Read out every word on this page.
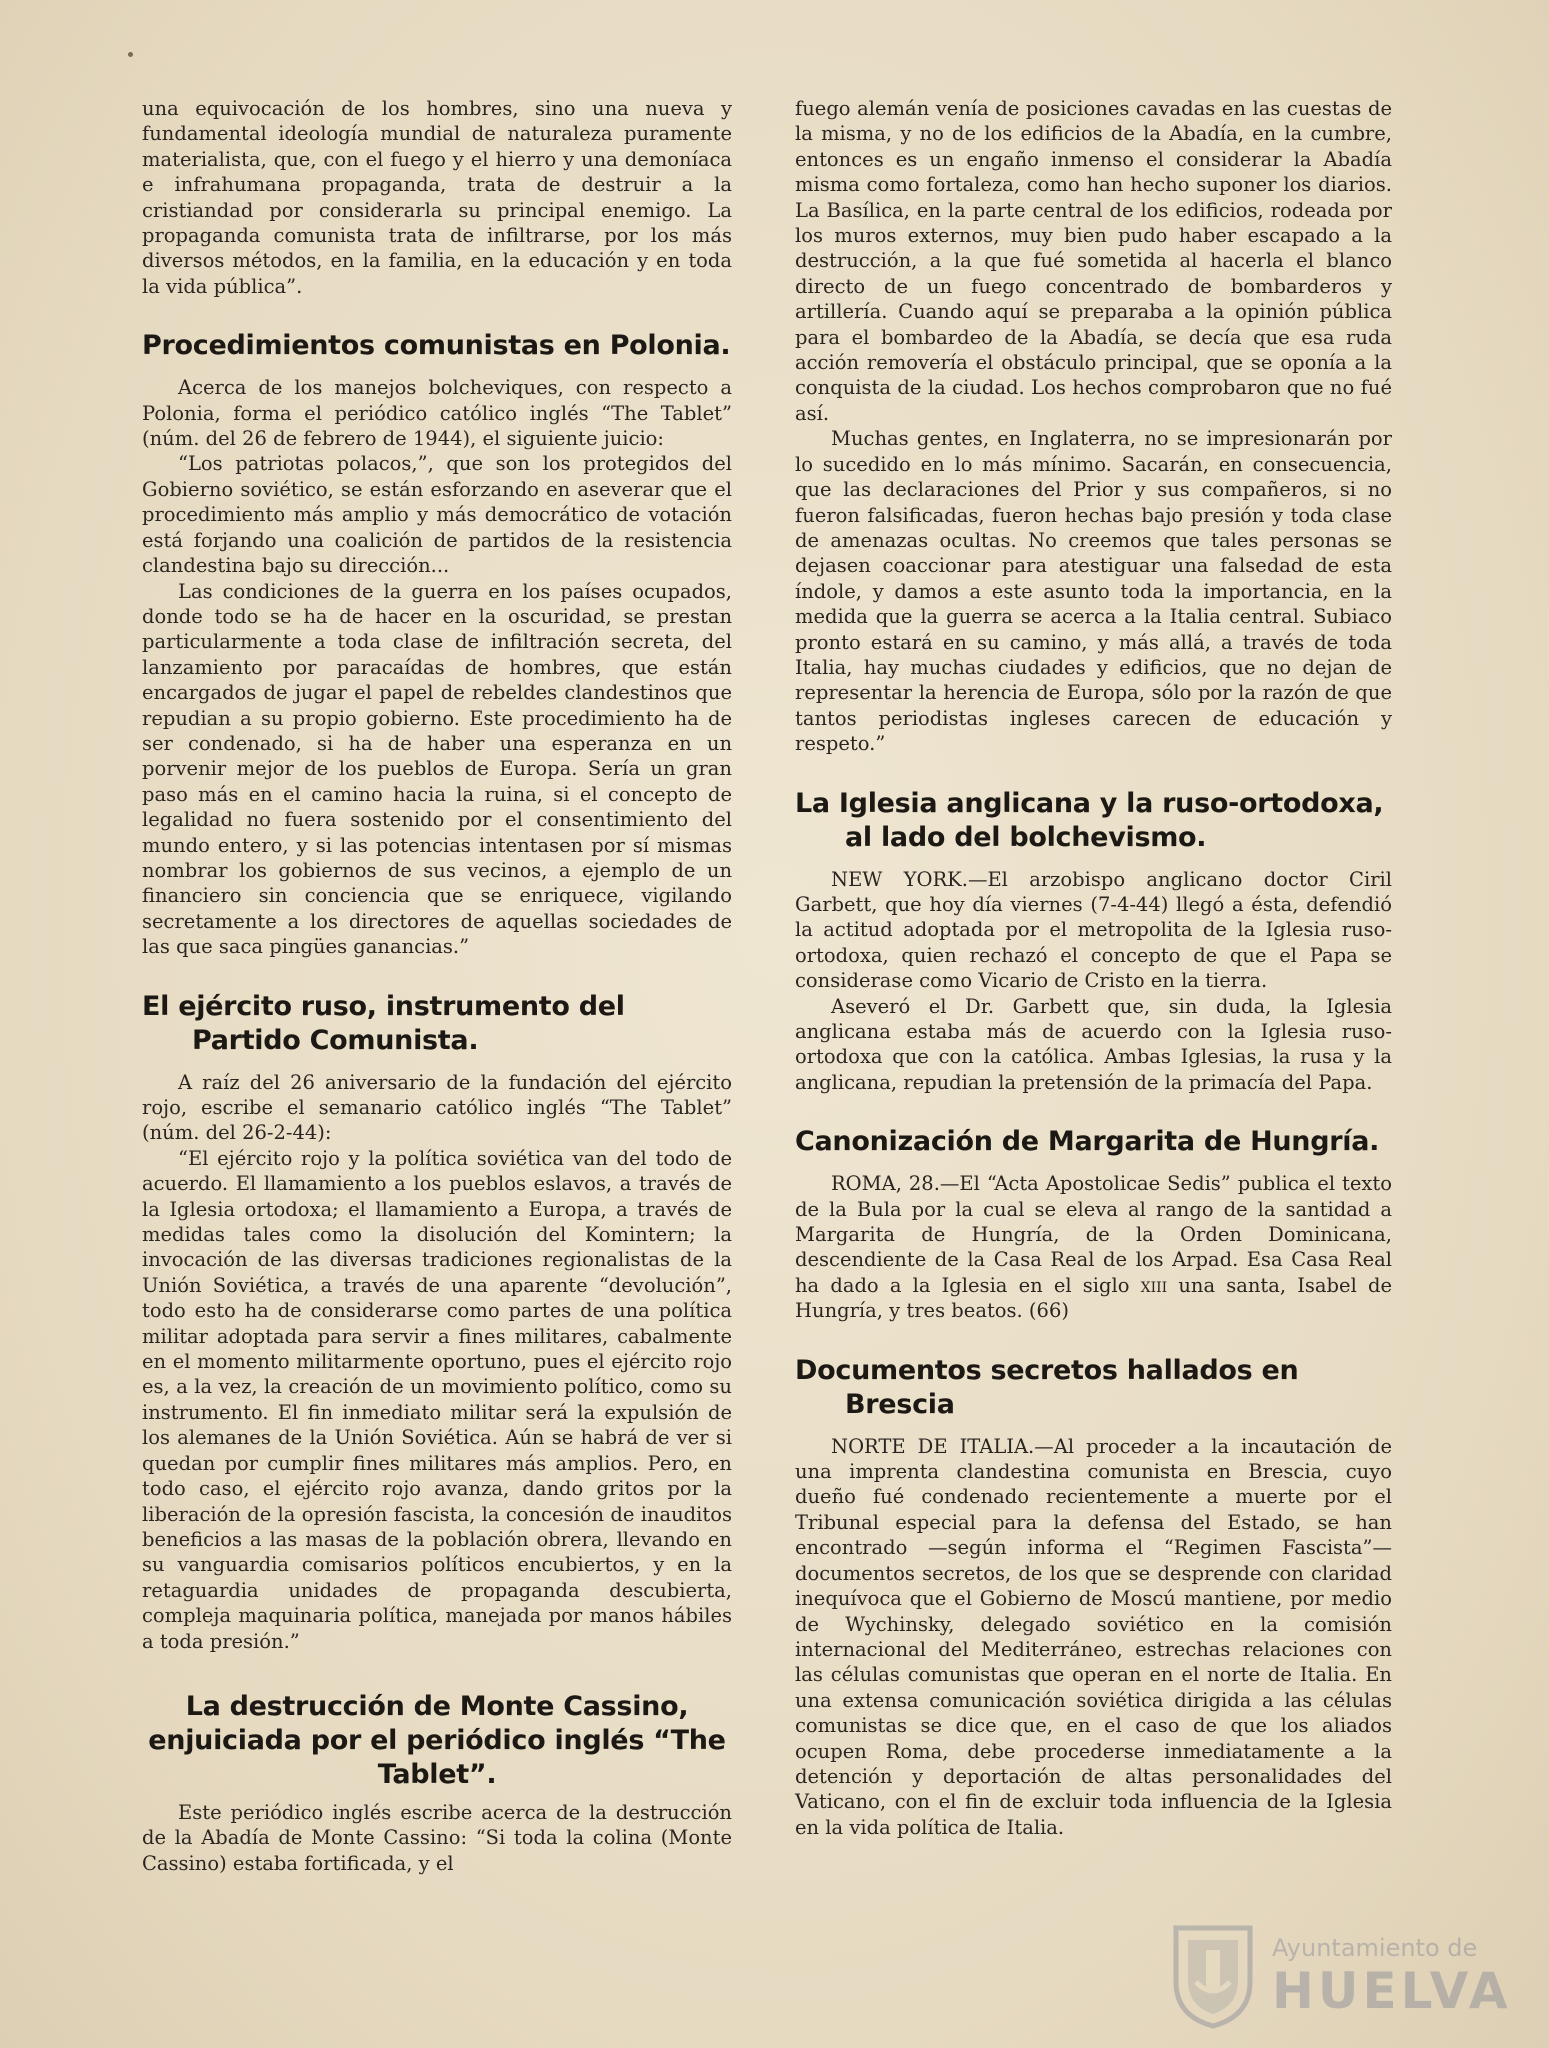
una equivocación de los hombres, sino una nueva y fundamental ideología mundial de naturaleza puramente materialista, que, con el fuego y el hierro y una demoníaca e infrahumana propaganda, trata de destruir a la cristiandad por considerarla su principal enemigo. La propaganda comunista trata de infiltrarse, por los más diversos métodos, en la familia, en la educación y en toda la vida pública”.

Procedimientos comunistas en Polonia.

Acerca de los manejos bolcheviques, con respecto a Polonia, forma el periódico católico inglés “The Tablet” (núm. del 26 de febrero de 1944), el siguiente juicio:

“Los patriotas polacos,”, que son los protegidos del Gobierno soviético, se están esforzando en aseverar que el procedimiento más amplio y más democrático de votación está forjando una coalición de partidos de la resistencia clandestina bajo su dirección...

Las condiciones de la guerra en los países ocupados, donde todo se ha de hacer en la oscuridad, se prestan particularmente a toda clase de infiltración secreta, del lanzamiento por paracaídas de hombres, que están encargados de jugar el papel de rebeldes clandestinos que repudian a su propio gobierno. Este procedimiento ha de ser condenado, si ha de haber una esperanza en un porvenir mejor de los pueblos de Europa. Sería un gran paso más en el camino hacia la ruina, si el concepto de legalidad no fuera sostenido por el consentimiento del mundo entero, y si las potencias intentasen por sí mismas nombrar los gobiernos de sus vecinos, a ejemplo de un financiero sin conciencia que se enriquece, vigilando secretamente a los directores de aquellas sociedades de las que saca pingües ganancias.”

El ejército ruso, instrumento del Partido Comunista.

A raíz del 26 aniversario de la fundación del ejército rojo, escribe el semanario católico inglés “The Tablet” (núm. del 26-2-44):

“El ejército rojo y la política soviética van del todo de acuerdo. El llamamiento a los pueblos eslavos, a través de la Iglesia ortodoxa; el llamamiento a Europa, a través de medidas tales como la disolución del Komintern; la invocación de las diversas tradiciones regionalistas de la Unión Soviética, a través de una aparente “devolución”, todo esto ha de considerarse como partes de una política militar adoptada para servir a fines militares, cabalmente en el momento militarmente oportuno, pues el ejército rojo es, a la vez, la creación de un movimiento político, como su instrumento. El fin inmediato militar será la expulsión de los alemanes de la Unión Soviética. Aún se habrá de ver si quedan por cumplir fines militares más amplios. Pero, en todo caso, el ejército rojo avanza, dando gritos por la liberación de la opresión fascista, la concesión de inauditos beneficios a las masas de la población obrera, llevando en su vanguardia comisarios políticos encubiertos, y en la retaguardia unidades de propaganda descubierta, compleja maquinaria política, manejada por manos hábiles a toda presión.”

La destrucción de Monte Cassino, enjuiciada por el periódico inglés “The Tablet”.

Este periódico inglés escribe acerca de la destrucción de la Abadía de Monte Cassino: “Si toda la colina (Monte Cassino) estaba fortificada, y el

fuego alemán venía de posiciones cavadas en las cuestas de la misma, y no de los edificios de la Abadía, en la cumbre, entonces es un engaño inmenso el considerar la Abadía misma como fortaleza, como han hecho suponer los diarios. La Basílica, en la parte central de los edificios, rodeada por los muros externos, muy bien pudo haber escapado a la destrucción, a la que fué sometida al hacerla el blanco directo de un fuego concentrado de bombarderos y artillería. Cuando aquí se preparaba a la opinión pública para el bombardeo de la Abadía, se decía que esa ruda acción removería el obstáculo principal, que se oponía a la conquista de la ciudad. Los hechos comprobaron que no fué así.

Muchas gentes, en Inglaterra, no se impresionarán por lo sucedido en lo más mínimo. Sacarán, en consecuencia, que las declaraciones del Prior y sus compañeros, si no fueron falsificadas, fueron hechas bajo presión y toda clase de amenazas ocultas. No creemos que tales personas se dejasen coaccionar para atestiguar una falsedad de esta índole, y damos a este asunto toda la importancia, en la medida que la guerra se acerca a la Italia central. Subiaco pronto estará en su camino, y más allá, a través de toda Italia, hay muchas ciudades y edificios, que no dejan de representar la herencia de Europa, sólo por la razón de que tantos periodistas ingleses carecen de educación y respeto.”

La Iglesia anglicana y la ruso-ortodoxa, al lado del bolchevismo.

NEW YORK.—El arzobispo anglicano doctor Ciril Garbett, que hoy día viernes (7-4-44) llegó a ésta, defendió la actitud adoptada por el metropolita de la Iglesia ruso-ortodoxa, quien rechazó el concepto de que el Papa se considerase como Vicario de Cristo en la tierra.

Aseveró el Dr. Garbett que, sin duda, la Iglesia anglicana estaba más de acuerdo con la Iglesia ruso-ortodoxa que con la católica. Ambas Iglesias, la rusa y la anglicana, repudian la pretensión de la primacía del Papa.

Canonización de Margarita de Hungría.

ROMA, 28.—El “Acta Apostolicae Sedis” publica el texto de la Bula por la cual se eleva al rango de la santidad a Margarita de Hungría, de la Orden Dominicana, descendiente de la Casa Real de los Arpad. Esa Casa Real ha dado a la Iglesia en el siglo xiii una santa, Isabel de Hungría, y tres beatos. (66)

Documentos secretos hallados en Brescia

NORTE DE ITALIA.—Al proceder a la incautación de una imprenta clandestina comunista en Brescia, cuyo dueño fué condenado recientemente a muerte por el Tribunal especial para la defensa del Estado, se han encontrado —según informa el “Regimen Fascista”—documentos secretos, de los que se desprende con claridad inequívoca que el Gobierno de Moscú mantiene, por medio de Wychinsky, delegado soviético en la comisión internacional del Mediterráneo, estrechas relaciones con las células comunistas que operan en el norte de Italia. En una extensa comunicación soviética dirigida a las células comunistas se dice que, en el caso de que los aliados ocupen Roma, debe procederse inmediatamente a la detención y deportación de altas personalidades del Vaticano, con el fin de excluir toda influencia de la Iglesia en la vida política de Italia.

Ayuntamiento de
HUELVA
